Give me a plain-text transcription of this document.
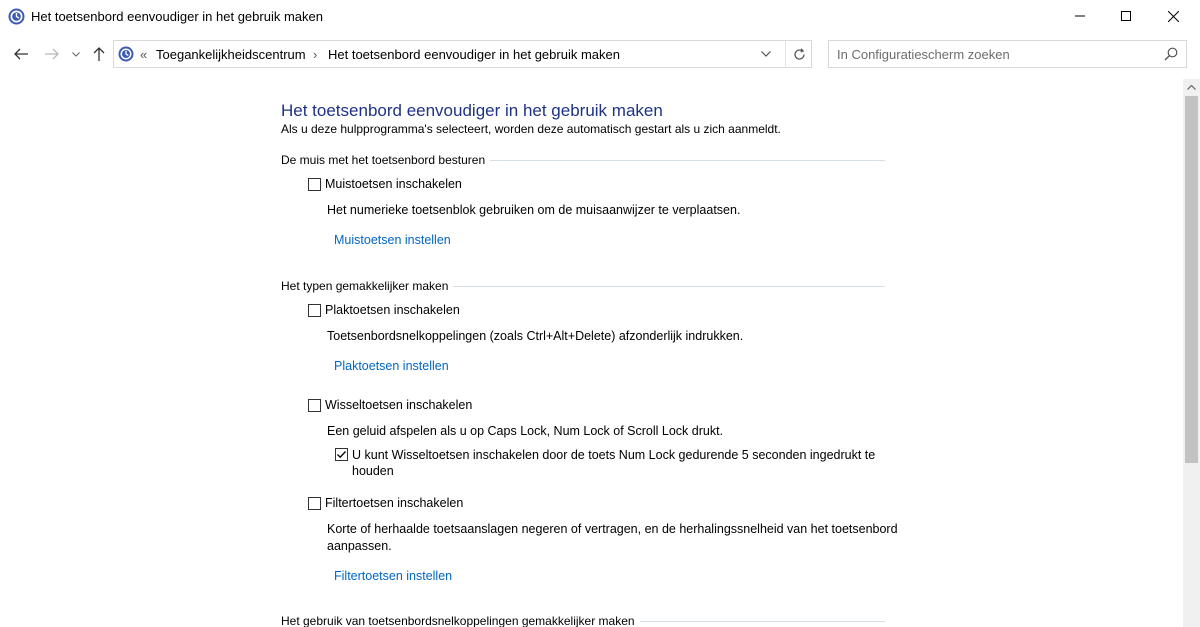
Het toetsenbord eenvoudiger in het gebruik maken
« Toegankelijkheidscentrum › Het toetsenbord eenvoudiger in het gebruik maken
In Configuratiescherm zoeken
Het toetsenbord eenvoudiger in het gebruik maken
Als u deze hulpprogramma's selecteert, worden deze automatisch gestart als u zich aanmeldt.
De muis met het toetsenbord besturen
Muistoetsen inschakelen
Het numerieke toetsenblok gebruiken om de muisaanwijzer te verplaatsen.
Muistoetsen instellen
Het typen gemakkelijker maken
Plaktoetsen inschakelen
Toetsenbordsnelkoppelingen (zoals Ctrl+Alt+Delete) afzonderlijk indrukken.
Plaktoetsen instellen
Wisseltoetsen inschakelen
Een geluid afspelen als u op Caps Lock, Num Lock of Scroll Lock drukt.
U kunt Wisseltoetsen inschakelen door de toets Num Lock gedurende 5 seconden ingedrukt te
houden
Filtertoetsen inschakelen
Korte of herhaalde toetsaanslagen negeren of vertragen, en de herhalingssnelheid van het toetsenbord
aanpassen.
Filtertoetsen instellen
Het gebruik van toetsenbordsnelkoppelingen gemakkelijker maken
